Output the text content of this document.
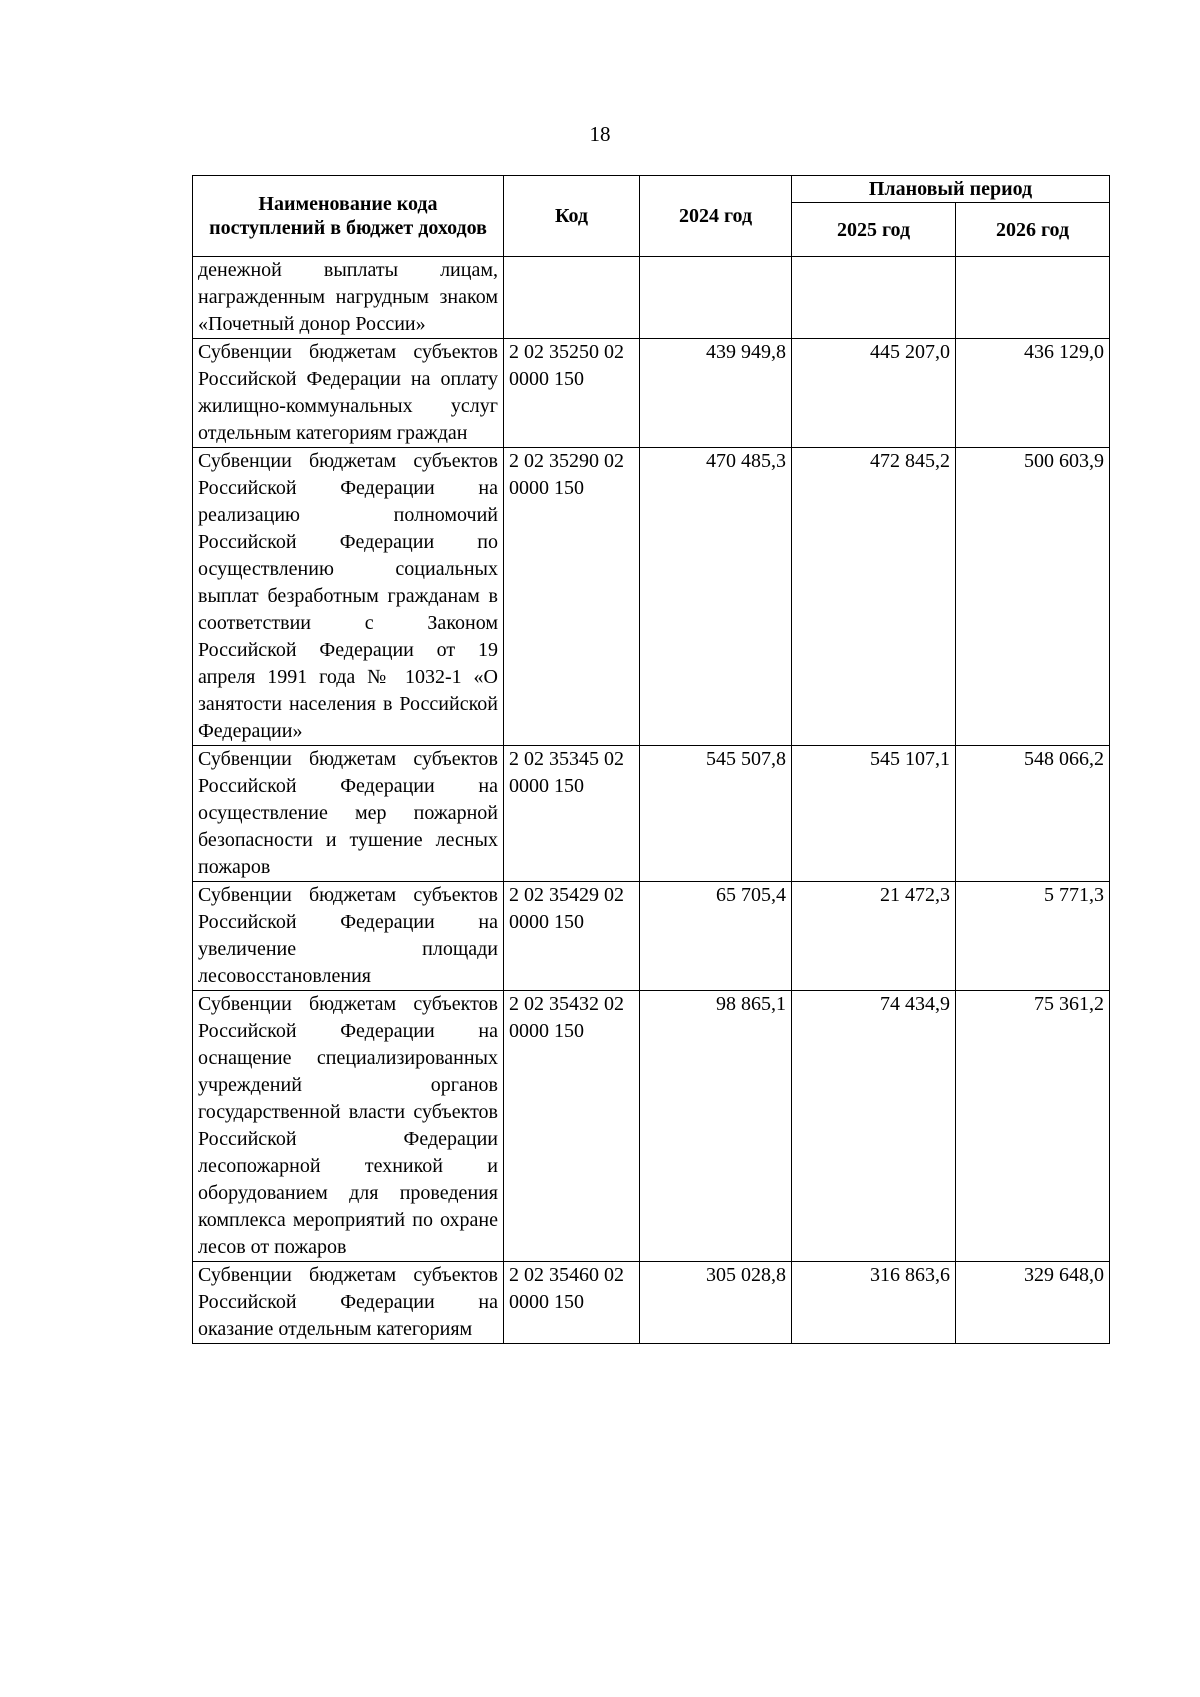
18
Наименование кода поступлений в бюджет доходов	Код	2024 год	Плановый период	
			2025 год	2026 год
денежной выплаты лицам, награжденным нагрудным знаком «Почетный донор России»				
Субвенции бюджетам субъектов Российской Федерации на оплату жилищно-коммунальных услуг отдельным категориям граждан	2 02 35250 02 0000 150	439 949,8	445 207,0	436 129,0
Субвенции бюджетам субъектов Российской Федерации на реализацию полномочий Российской Федерации по осуществлению социальных выплат безработным гражданам в соответствии с Законом Российской Федерации от 19 апреля 1991 года № 1032-1 «О занятости населения в Российской Федерации»	2 02 35290 02 0000 150	470 485,3	472 845,2	500 603,9
Субвенции бюджетам субъектов Российской Федерации на осуществление мер пожарной безопасности и тушение лесных пожаров	2 02 35345 02 0000 150	545 507,8	545 107,1	548 066,2
Субвенции бюджетам субъектов Российской Федерации на увеличение площади лесовосстановления	2 02 35429 02 0000 150	65 705,4	21 472,3	5 771,3
Субвенции бюджетам субъектов Российской Федерации на оснащение специализированных учреждений органов государственной власти субъектов Российской Федерации лесопожарной техникой и оборудованием для проведения комплекса мероприятий по охране лесов от пожаров	2 02 35432 02 0000 150	98 865,1	74 434,9	75 361,2
Субвенции бюджетам субъектов Российской Федерации на оказание отдельным категориям	2 02 35460 02 0000 150	305 028,8	316 863,6	329 648,0
